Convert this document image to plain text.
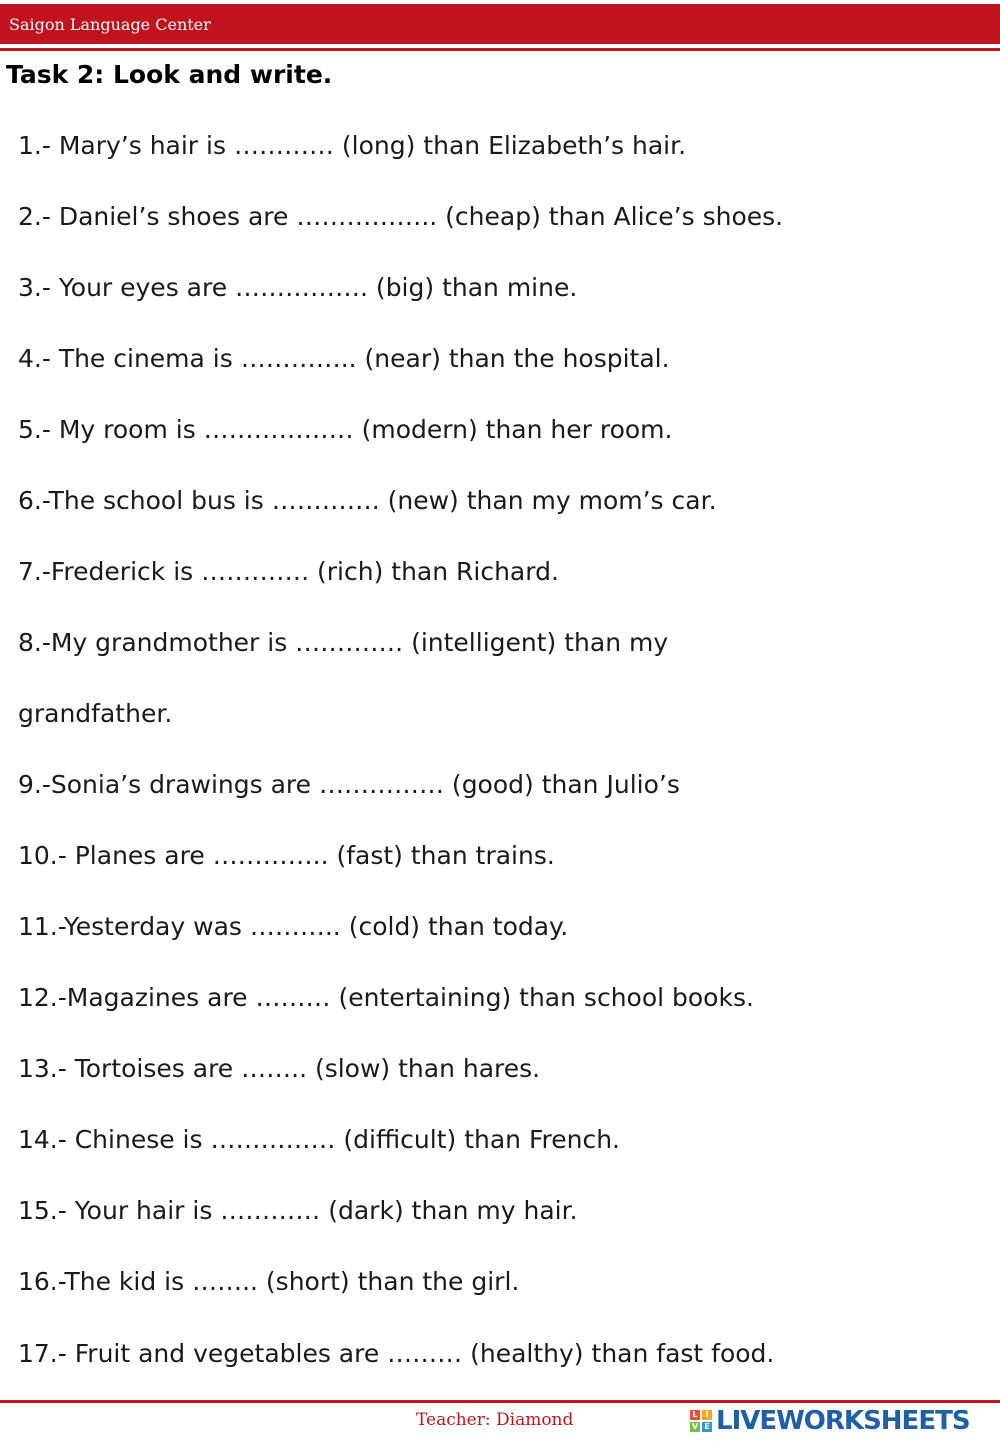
Saigon Language Center
Task 2: Look and write.
1.- Mary’s hair is ………… (long) than Elizabeth’s hair.
2.- Daniel’s shoes are …………….. (cheap) than Alice’s shoes.
3.- Your eyes are ……………. (big) than mine.
4.- The cinema is ………….. (near) than the hospital.
5.- My room is ……………… (modern) than her room.
6.-The school bus is …………. (new) than my mom’s car.
7.-Frederick is …………. (rich) than Richard.
8.-My grandmother is …………. (intelligent) than my
grandfather.
9.-Sonia’s drawings are …………… (good) than Julio’s
10.- Planes are ………….. (fast) than trains.
11.-Yesterday was ……….. (cold) than today.
12.-Magazines are ……… (entertaining) than school books.
13.- Tortoises are …….. (slow) than hares.
14.- Chinese is …………… (difficult) than French.
15.- Your hair is ………… (dark) than my hair.
16.-The kid is …….. (short) than the girl.
17.- Fruit and vegetables are ……… (healthy) than fast food.
Teacher: Diamond	L I
V E LIVEWORKSHEETS
